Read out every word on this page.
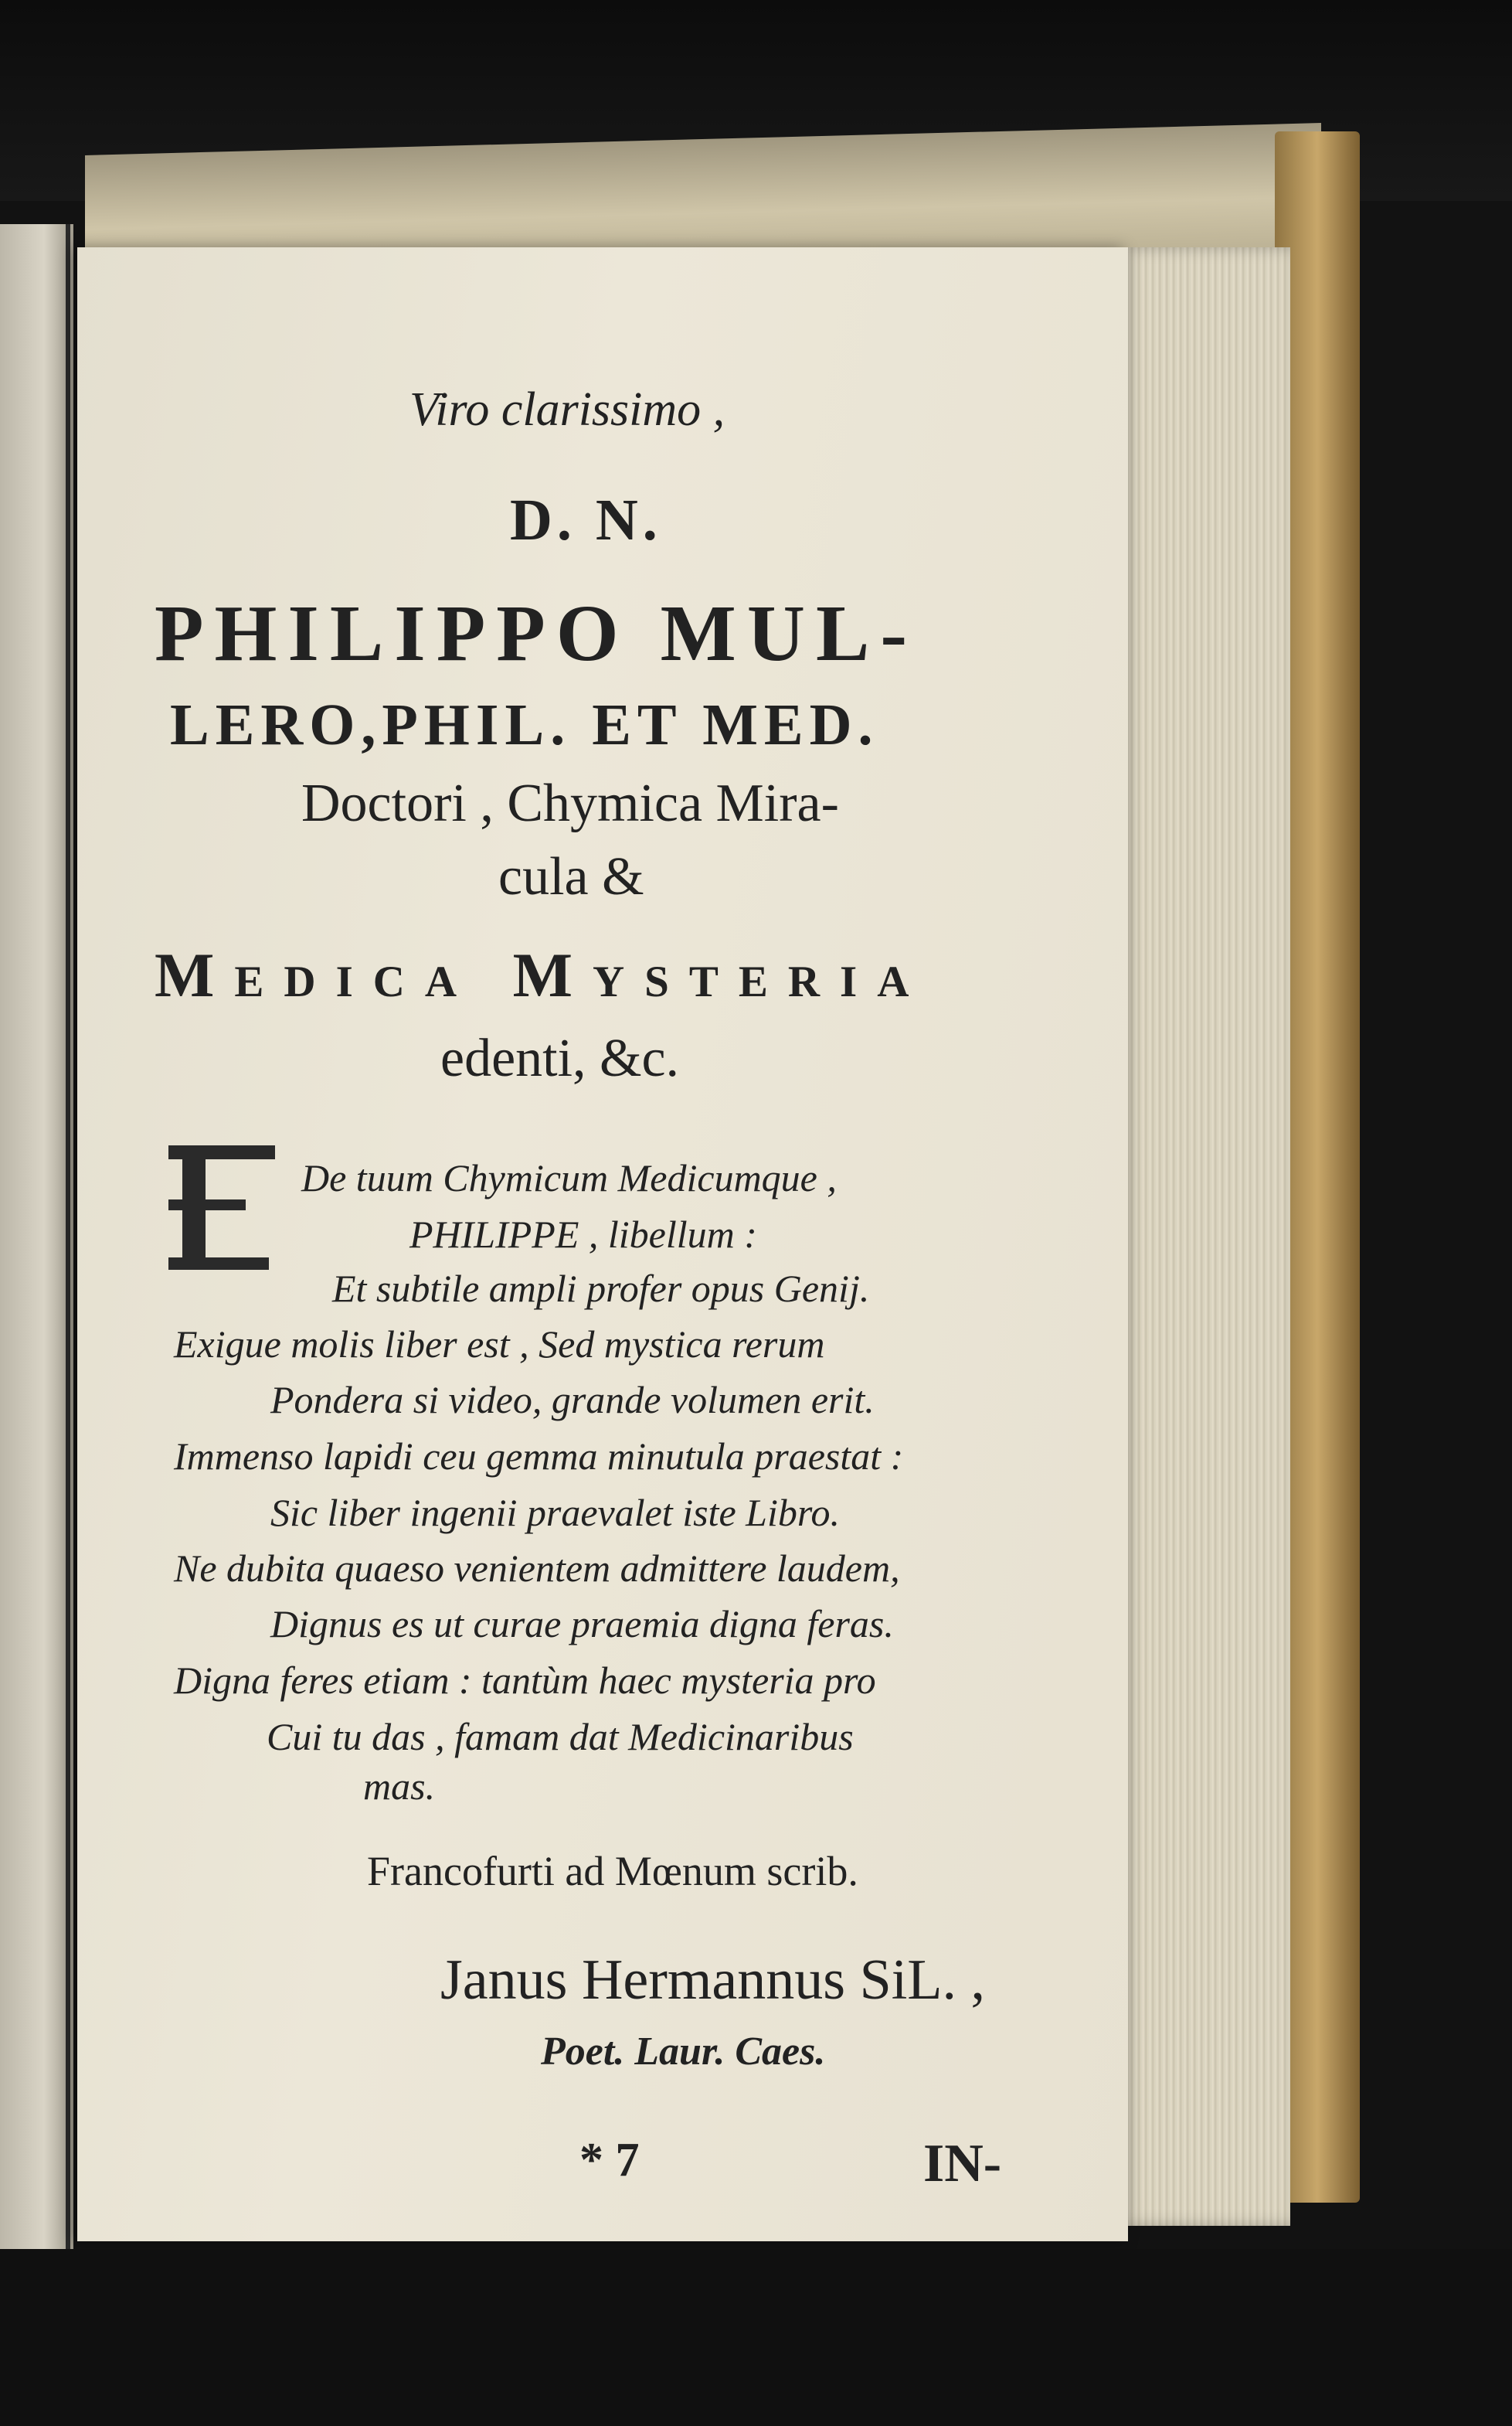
Viro clarissimo ,
D. N.
PHILIPPO MUL-
LERO,PHIL. ET MED.
Doctori , Chymica Mira-
cula &
Medica Mysteria
edenti, &c.
De tuum Chymicum Medicumque ,
PHILIPPE , libellum :
Et subtile ampli profer opus Genij.
Exigue molis liber est , Sed mystica rerum
Pondera si video, grande volumen erit.
Immenso lapidi ceu gemma minutula praestat :
Sic liber ingenii praevalet iste Libro.
Ne dubita quaeso venientem admittere laudem,
Dignus es ut curae praemia digna feras.
Digna feres etiam : tantùm haec mysteria pro
Cui tu das , famam dat Medicinaribus
mas.
Francofurti ad Mœnum scrib.
Janus Hermannus SiL. ,
Poet. Laur. Caes.
* 7	IN-
